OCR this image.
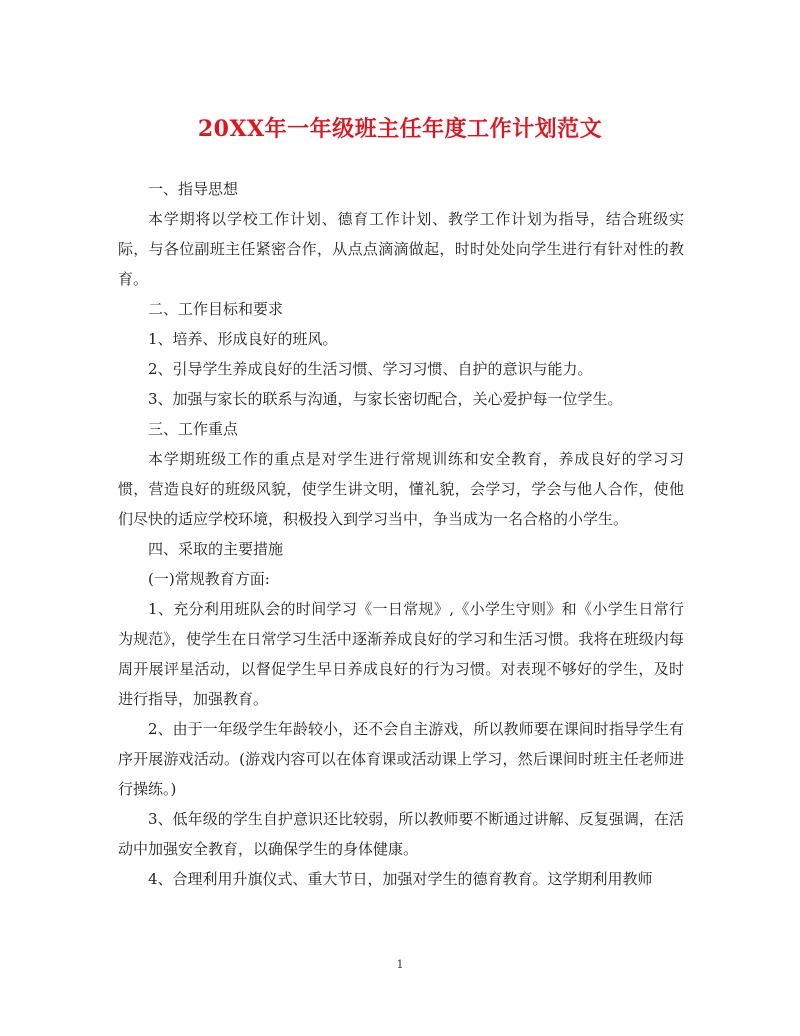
20XX年一年级班主任年度工作计划范文

一、指导思想

本学期将以学校工作计划、德育工作计划、教学工作计划为指导，结合班级实际，与各位副班主任紧密合作，从点点滴滴做起，时时处处向学生进行有针对性的教育。

二、工作目标和要求

1、培养、形成良好的班风。

2、引导学生养成良好的生活习惯、学习习惯、自护的意识与能力。

3、加强与家长的联系与沟通，与家长密切配合，关心爱护每一位学生。

三、工作重点

本学期班级工作的重点是对学生进行常规训练和安全教育，养成良好的学习习惯，营造良好的班级风貌，使学生讲文明，懂礼貌，会学习，学会与他人合作，使他们尽快的适应学校环境，积极投入到学习当中，争当成为一名合格的小学生。

四、采取的主要措施

(一)常规教育方面:

1、充分利用班队会的时间学习《一日常规》,《小学生守则》和《小学生日常行为规范》，使学生在日常学习生活中逐渐养成良好的学习和生活习惯。我将在班级内每周开展评星活动，以督促学生早日养成良好的行为习惯。对表现不够好的学生，及时进行指导，加强教育。

2、由于一年级学生年龄较小，还不会自主游戏，所以教师要在课间时指导学生有序开展游戏活动。(游戏内容可以在体育课或活动课上学习，然后课间时班主任老师进行操练。)

3、低年级的学生自护意识还比较弱，所以教师要不断通过讲解、反复强调，在活动中加强安全教育，以确保学生的身体健康。

4、合理利用升旗仪式、重大节日，加强对学生的德育教育。这学期利用教师

1
